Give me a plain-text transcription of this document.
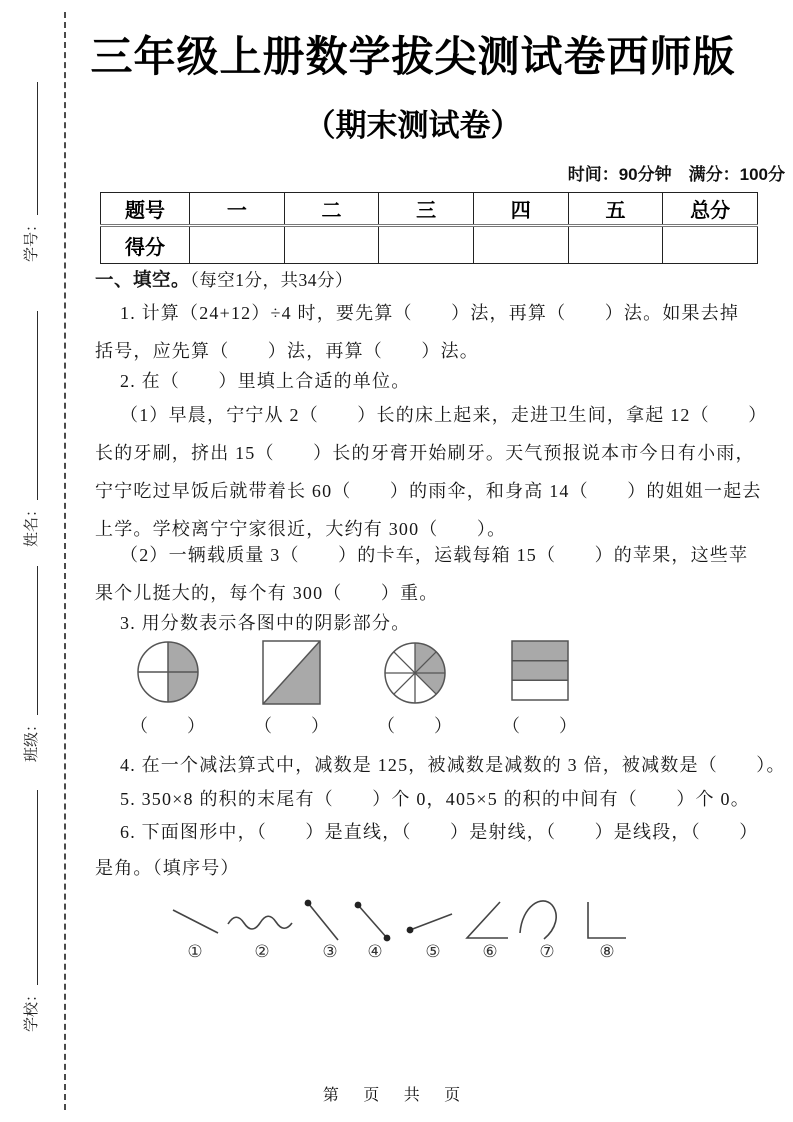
学号：
姓名：
班级：
学校：
三年级上册数学拔尖测试卷西师版
（期末测试卷）
时间：90分钟　满分：100分
题号	一	二	三	四	五	总分
得分						
一、填空。（每空1分，共34分）
1. 计算（24+12）÷4 时，要先算（　　）法，再算（　　）法。如果去掉
括号，应先算（　　）法，再算（　　）法。
2. 在（　　）里填上合适的单位。
（1）早晨，宁宁从 2（　　）长的床上起来，走进卫生间，拿起 12（　　）
长的牙刷，挤出 15（　　）长的牙膏开始刷牙。天气预报说本市今日有小雨，
宁宁吃过早饭后就带着长 60（　　）的雨伞，和身高 14（　　）的姐姐一起去
上学。学校离宁宁家很近，大约有 300（　　）。
（2）一辆载质量 3（　　）的卡车，运载每箱 15（　　）的苹果，这些苹
果个儿挺大的，每个有 300（　　）重。
3. 用分数表示各图中的阴影部分。
（　　）	（　　）	（　　）	（　　）
4. 在一个减法算式中，减数是 125，被减数是减数的 3 倍，被减数是（　　）。
5. 350×8 的积的末尾有（　　）个 0，405×5 的积的中间有（　　）个 0。
6. 下面图形中，（　　）是直线，（　　）是射线，（　　）是线段，（　　）
是角。（填序号）
①	②	③ ④	⑤ ⑥ ⑦	⑧
第 页 共 页
